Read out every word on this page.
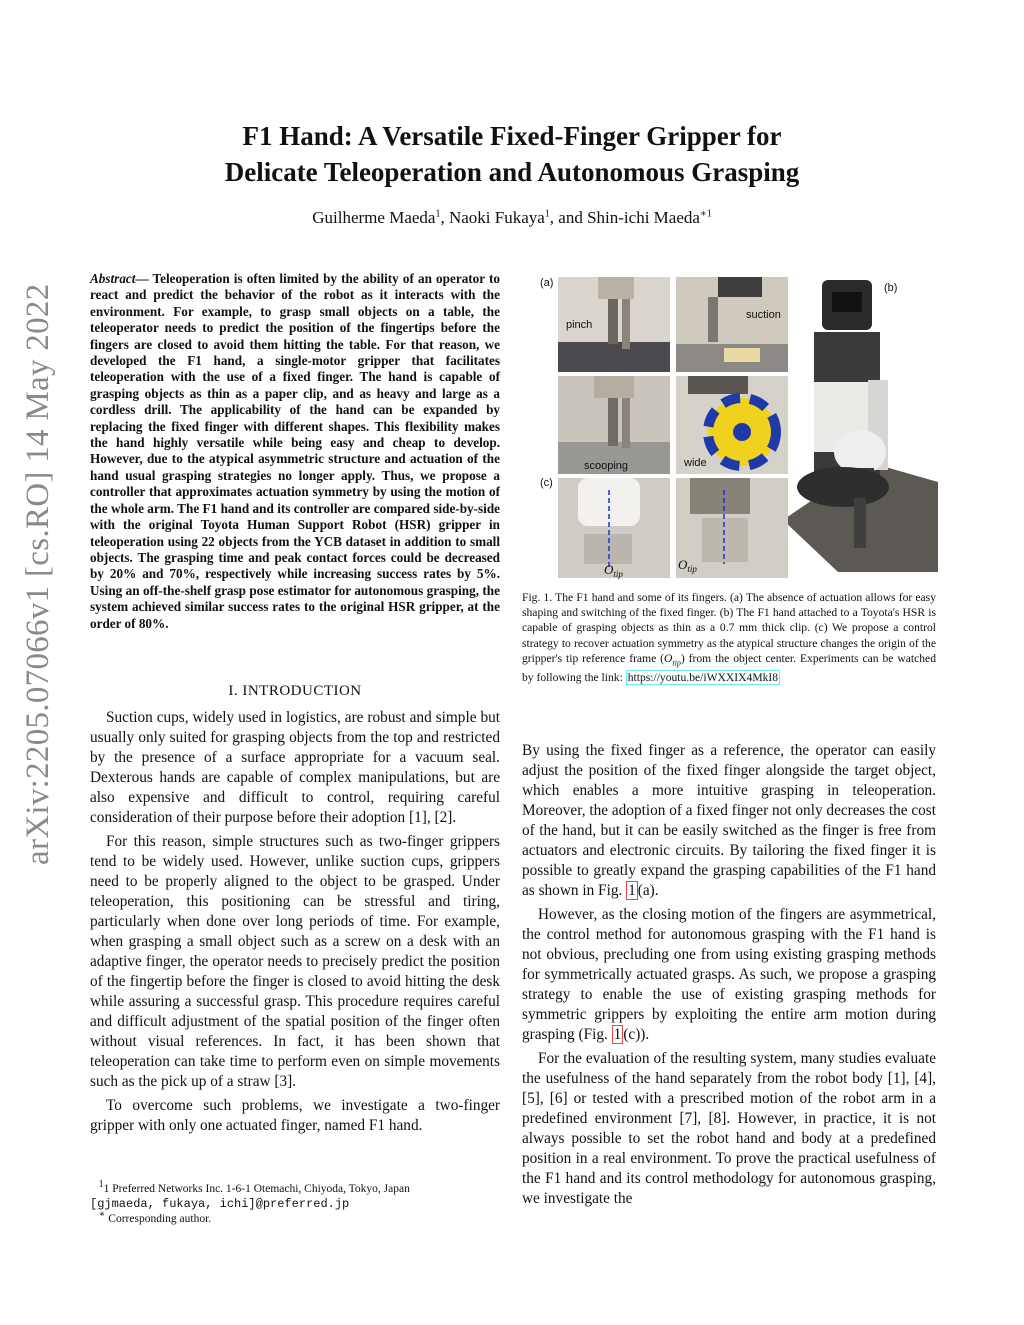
arXiv:2205.07066v1 [cs.RO] 14 May 2022
F1 Hand: A Versatile Fixed-Finger Gripper for
Delicate Teleoperation and Autonomous Grasping
Guilherme Maeda$^1$, Naoki Fukaya$^1$, and Shin-ichi Maeda$^{∗1}$
Abstract— Teleoperation is often limited by the ability of an operator to react and predict the behavior of the robot as it interacts with the environment. For example, to grasp small objects on a table, the teleoperator needs to predict the position of the fingertips before the fingers are closed to avoid them hitting the table. For that reason, we developed the F1 hand, a single-motor gripper that facilitates teleoperation with the use of a fixed finger. The hand is capable of grasping objects as thin as a paper clip, and as heavy and large as a cordless drill. The applicability of the hand can be expanded by replacing the fixed finger with different shapes. This flexibility makes the hand highly versatile while being easy and cheap to develop. However, due to the atypical asymmetric structure and actuation of the hand usual grasping strategies no longer apply. Thus, we propose a controller that approximates actuation symmetry by using the motion of the whole arm. The F1 hand and its controller are compared side-by-side with the original Toyota Human Support Robot (HSR) gripper in teleoperation using 22 objects from the YCB dataset in addition to small objects. The grasping time and peak contact forces could be decreased by 20% and 70%, respectively while increasing success rates by 5%. Using an off-the-shelf grasp pose estimator for autonomous grasping, the system achieved similar success rates to the original HSR gripper, at the order of 80%.
I. INTRODUCTION

Suction cups, widely used in logistics, are robust and simple but usually only suited for grasping objects from the top and restricted by the presence of a surface appropriate for a vacuum seal. Dexterous hands are capable of complex manipulations, but are also expensive and difficult to control, requiring careful consideration of their purpose before their adoption [1], [2].

For this reason, simple structures such as two-finger grippers tend to be widely used. However, unlike suction cups, grippers need to be properly aligned to the object to be grasped. Under teleoperation, this positioning can be stressful and tiring, particularly when done over long periods of time. For example, when grasping a small object such as a screw on a desk with an adaptive finger, the operator needs to precisely predict the position of the fingertip before the finger is closed to avoid hitting the desk while assuring a successful grasp. This procedure requires careful and difficult adjustment of the spatial position of the finger often without visual references. In fact, it has been shown that teleoperation can take time to perform even on simple movements such as the pick up of a straw [3].

To overcome such problems, we investigate a two-finger gripper with only one actuated finger, named F1 hand.

$^1$1 Preferred Networks Inc. 1-6-1 Otemachi, Chiyoda, Tokyo, Japan
[gjmaeda, fukaya, ichi]@preferred.jp
∗ Corresponding author.
pinch
suction
scooping	wide
(b)
$O_{tip}$
$O_{tip}$
(a)
(c)
Fig. 1. The F1 hand and some of its fingers. (a) The absence of actuation allows for easy shaping and switching of the fixed finger. (b) The F1 hand attached to a Toyota's HSR is capable of grasping objects as thin as a 0.7 mm thick clip. (c) We propose a control strategy to recover actuation symmetry as the atypical structure changes the origin of the gripper's tip reference frame $(O_{tip})$ from the object center. Experiments can be watched by following the link: https://youtu.be/iWXXIX4MkI8

By using the fixed finger as a reference, the operator can easily adjust the position of the fixed finger alongside the target object, which enables a more intuitive grasping in teleoperation. Moreover, the adoption of a fixed finger not only decreases the cost of the hand, but it can be easily switched as the finger is free from actuators and electronic circuits. By tailoring the fixed finger it is possible to greatly expand the grasping capabilities of the F1 hand as shown in Fig. 1 (a).

However, as the closing motion of the fingers are asymmetrical, the control method for autonomous grasping with the F1 hand is not obvious, precluding one from using existing grasping methods for symmetrically actuated grasps. As such, we propose a grasping strategy to enable the use of existing grasping methods for symmetric grippers by exploiting the entire arm motion during grasping (Fig. 1 (c)).

For the evaluation of the resulting system, many studies evaluate the usefulness of the hand separately from the robot body [1], [4], [5], [6] or tested with a prescribed motion of the robot arm in a predefined environment [7], [8]. However, in practice, it is not always possible to set the robot hand and body at a predefined position in a real environment. To prove the practical usefulness of the F1 hand and its control methodology for autonomous grasping, we investigate the
